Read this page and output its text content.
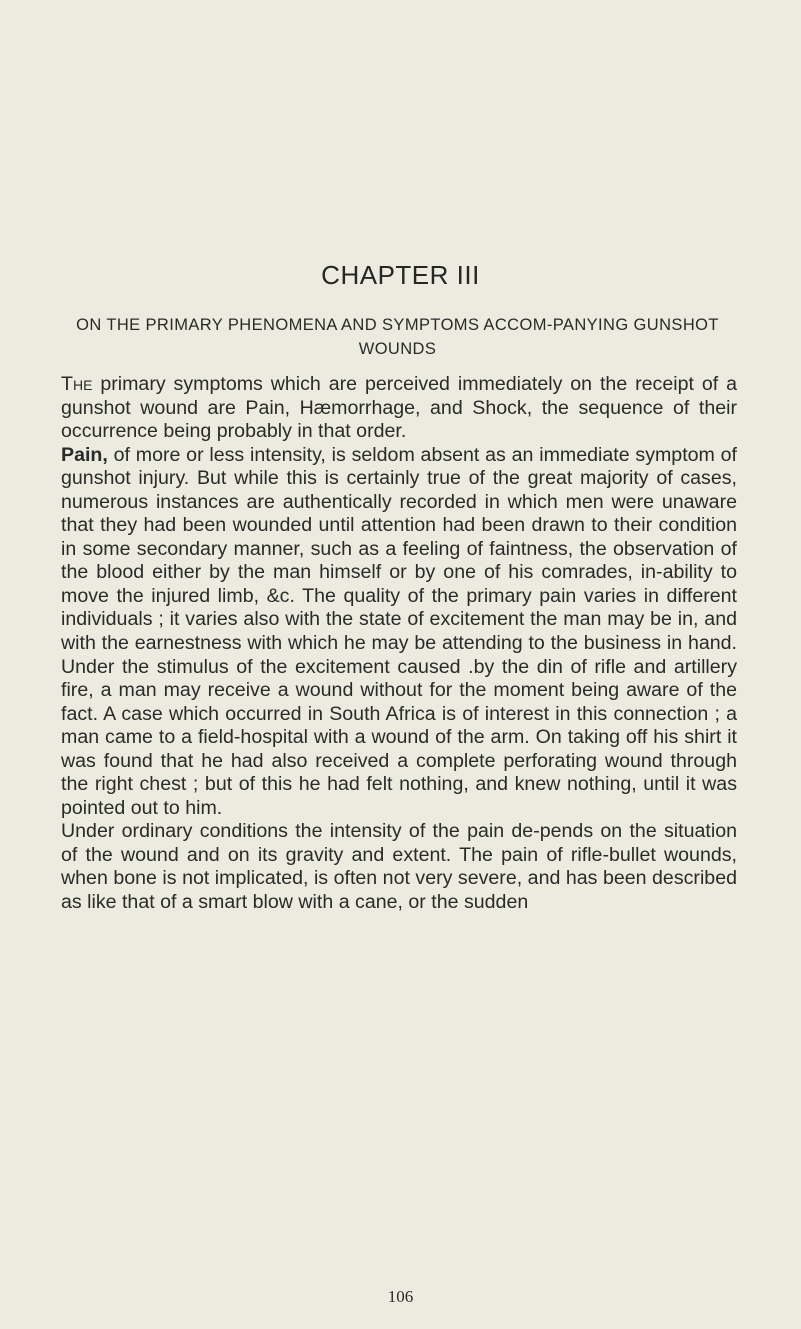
CHAPTER III
ON THE PRIMARY PHENOMENA AND SYMPTOMS ACCOM-PANYING GUNSHOT WOUNDS

The primary symptoms which are perceived immediately on the receipt of a gunshot wound are Pain, Hæmorrhage, and Shock, the sequence of their occurrence being probably in that order.

Pain, of more or less intensity, is seldom absent as an immediate symptom of gunshot injury. But while this is certainly true of the great majority of cases, numerous instances are authentically recorded in which men were unaware that they had been wounded until attention had been drawn to their condition in some secondary manner, such as a feeling of faintness, the observation of the blood either by the man himself or by one of his comrades, in-ability to move the injured limb, &c. The quality of the primary pain varies in different individuals ; it varies also with the state of excitement the man may be in, and with the earnestness with which he may be attending to the business in hand. Under the stimulus of the excitement caused .by the din of rifle and artillery fire, a man may receive a wound without for the moment being aware of the fact. A case which occurred in South Africa is of interest in this connection ; a man came to a field-hospital with a wound of the arm. On taking off his shirt it was found that he had also received a complete perforating wound through the right chest ; but of this he had felt nothing, and knew nothing, until it was pointed out to him.

Under ordinary conditions the intensity of the pain de-pends on the situation of the wound and on its gravity and extent. The pain of rifle-bullet wounds, when bone is not implicated, is often not very severe, and has been described as like that of a smart blow with a cane, or the sudden

106
